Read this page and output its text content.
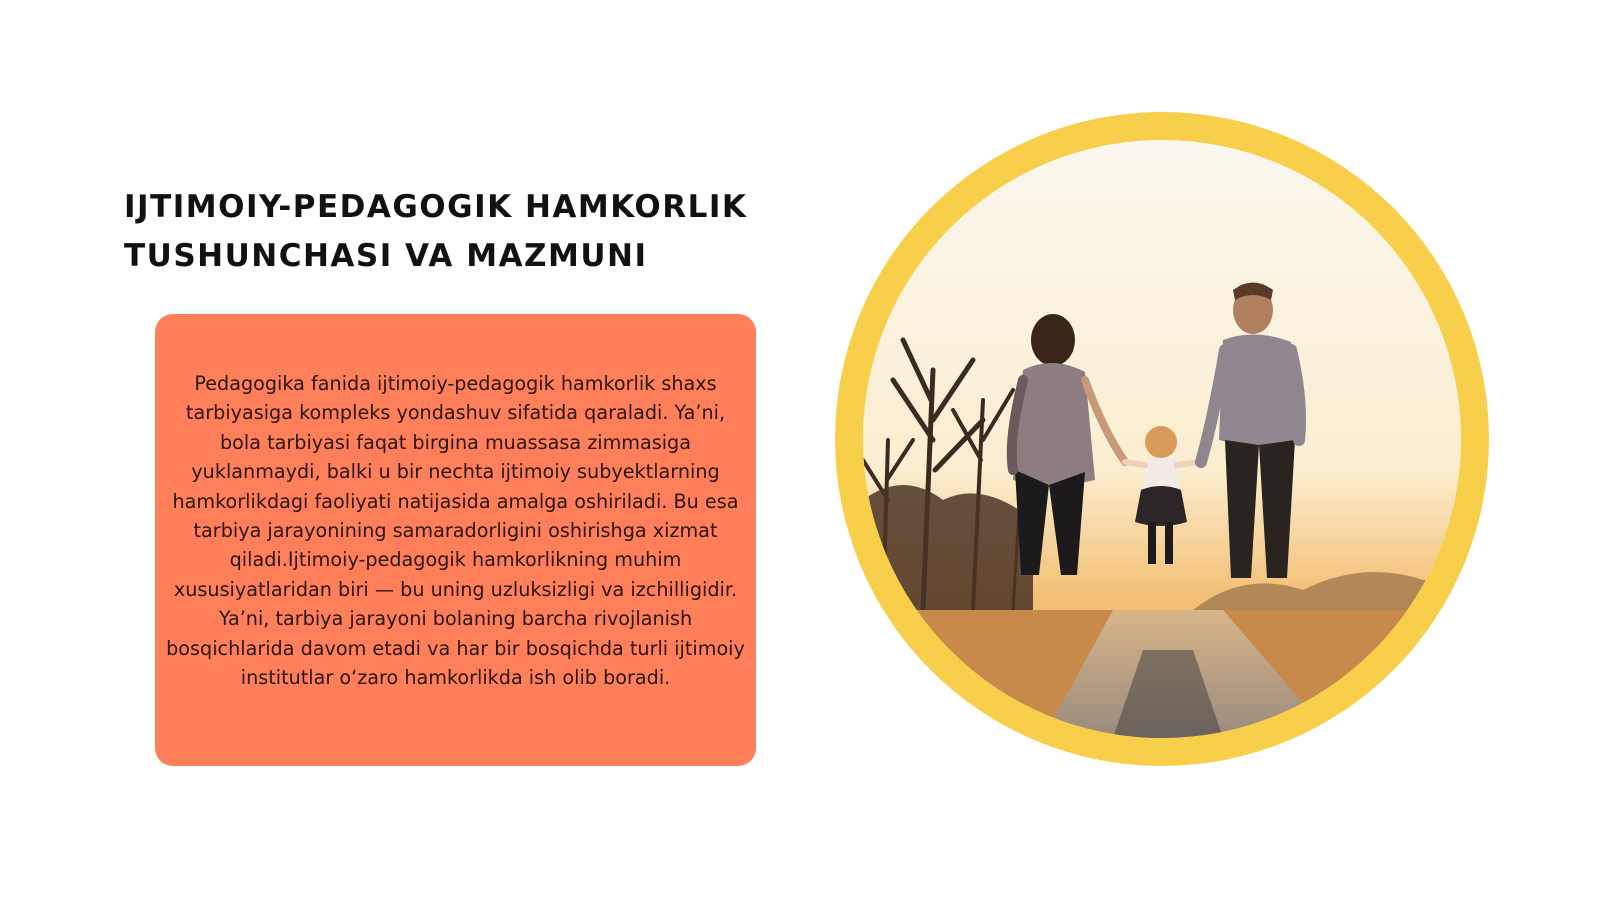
IJTIMOIY-PEDAGOGIK HAMKORLIK
TUSHUNCHASI VA MAZMUNI

Pedagogika fanida ijtimoiy-pedagogik hamkorlik shaxs tarbiyasiga kompleks yondashuv sifatida qaraladi. Ya’ni, bola tarbiyasi faqat birgina muassasa zimmasiga yuklanmaydi, balki u bir nechta ijtimoiy subyektlarning hamkorlikdagi faoliyati natijasida amalga oshiriladi. Bu esa tarbiya jarayonining samaradorligini oshirishga xizmat qiladi.Ijtimoiy-pedagogik hamkorlikning muhim xususiyatlaridan biri — bu uning uzluksizligi va izchilligidir. Ya’ni, tarbiya jarayoni bolaning barcha rivojlanish bosqichlarida davom etadi va har bir bosqichda turli ijtimoiy institutlar o‘zaro hamkorlikda ish olib boradi.
